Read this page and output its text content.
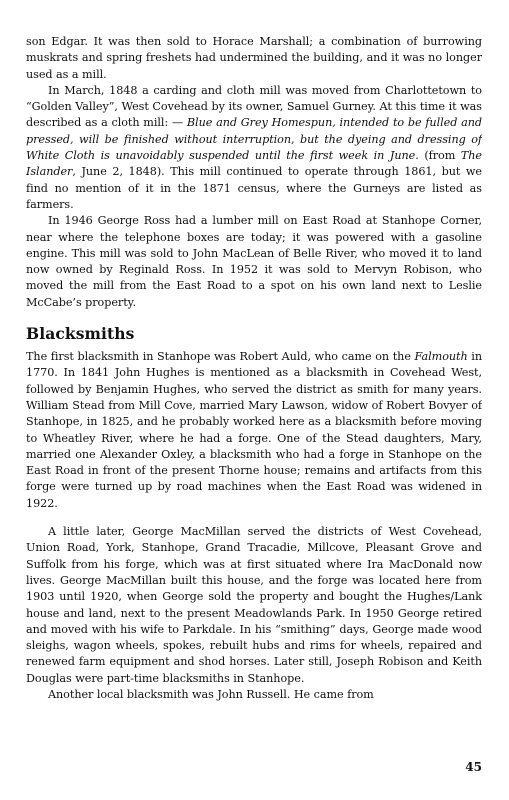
son Edgar. It was then sold to Horace Marshall; a combination of burrowing muskrats and spring freshets had undermined the building, and it was no longer used as a mill.

In March, 1848 a carding and cloth mill was moved from Charlottetown to “Golden Valley”, West Covehead by its owner, Samuel Gurney. At this time it was described as a cloth mill: — Blue and Grey Homespun, intended to be fulled and pressed, will be finished without interruption, but the dyeing and dressing of White Cloth is unavoidably suspended until the first week in June. (from The Islander, June 2, 1848). This mill continued to operate through 1861, but we find no mention of it in the 1871 census, where the Gurneys are listed as farmers.

In 1946 George Ross had a lumber mill on East Road at Stanhope Corner, near where the telephone boxes are today; it was powered with a gasoline engine. This mill was sold to John MacLean of Belle River, who moved it to land now owned by Reginald Ross. In 1952 it was sold to Mervyn Robison, who moved the mill from the East Road to a spot on his own land next to Leslie McCabe’s property.

Blacksmiths

The first blacksmith in Stanhope was Robert Auld, who came on the Falmouth in 1770. In 1841 John Hughes is mentioned as a blacksmith in Covehead West, followed by Benjamin Hughes, who served the district as smith for many years. William Stead from Mill Cove, married Mary Lawson, widow of Robert Bovyer of Stanhope, in 1825, and he probably worked here as a blacksmith before moving to Wheatley River, where he had a forge. One of the Stead daughters, Mary, married one Alexander Oxley, a blacksmith who had a forge in Stanhope on the East Road in front of the present Thorne house; remains and artifacts from this forge were turned up by road machines when the East Road was widened in 1922.

A little later, George MacMillan served the districts of West Covehead, Union Road, York, Stanhope, Grand Tracadie, Millcove, Pleasant Grove and Suffolk from his forge, which was at first situated where Ira MacDonald now lives. George MacMillan built this house, and the forge was located here from 1903 until 1920, when George sold the property and bought the Hughes/Lank house and land, next to the present Meadowlands Park. In 1950 George retired and moved with his wife to Parkdale. In his “smithing” days, George made wood sleighs, wagon wheels, spokes, rebuilt hubs and rims for wheels, repaired and renewed farm equipment and shod horses. Later still, Joseph Robison and Keith Douglas were part-time blacksmiths in Stanhope.

Another local blacksmith was John Russell. He came from

45
